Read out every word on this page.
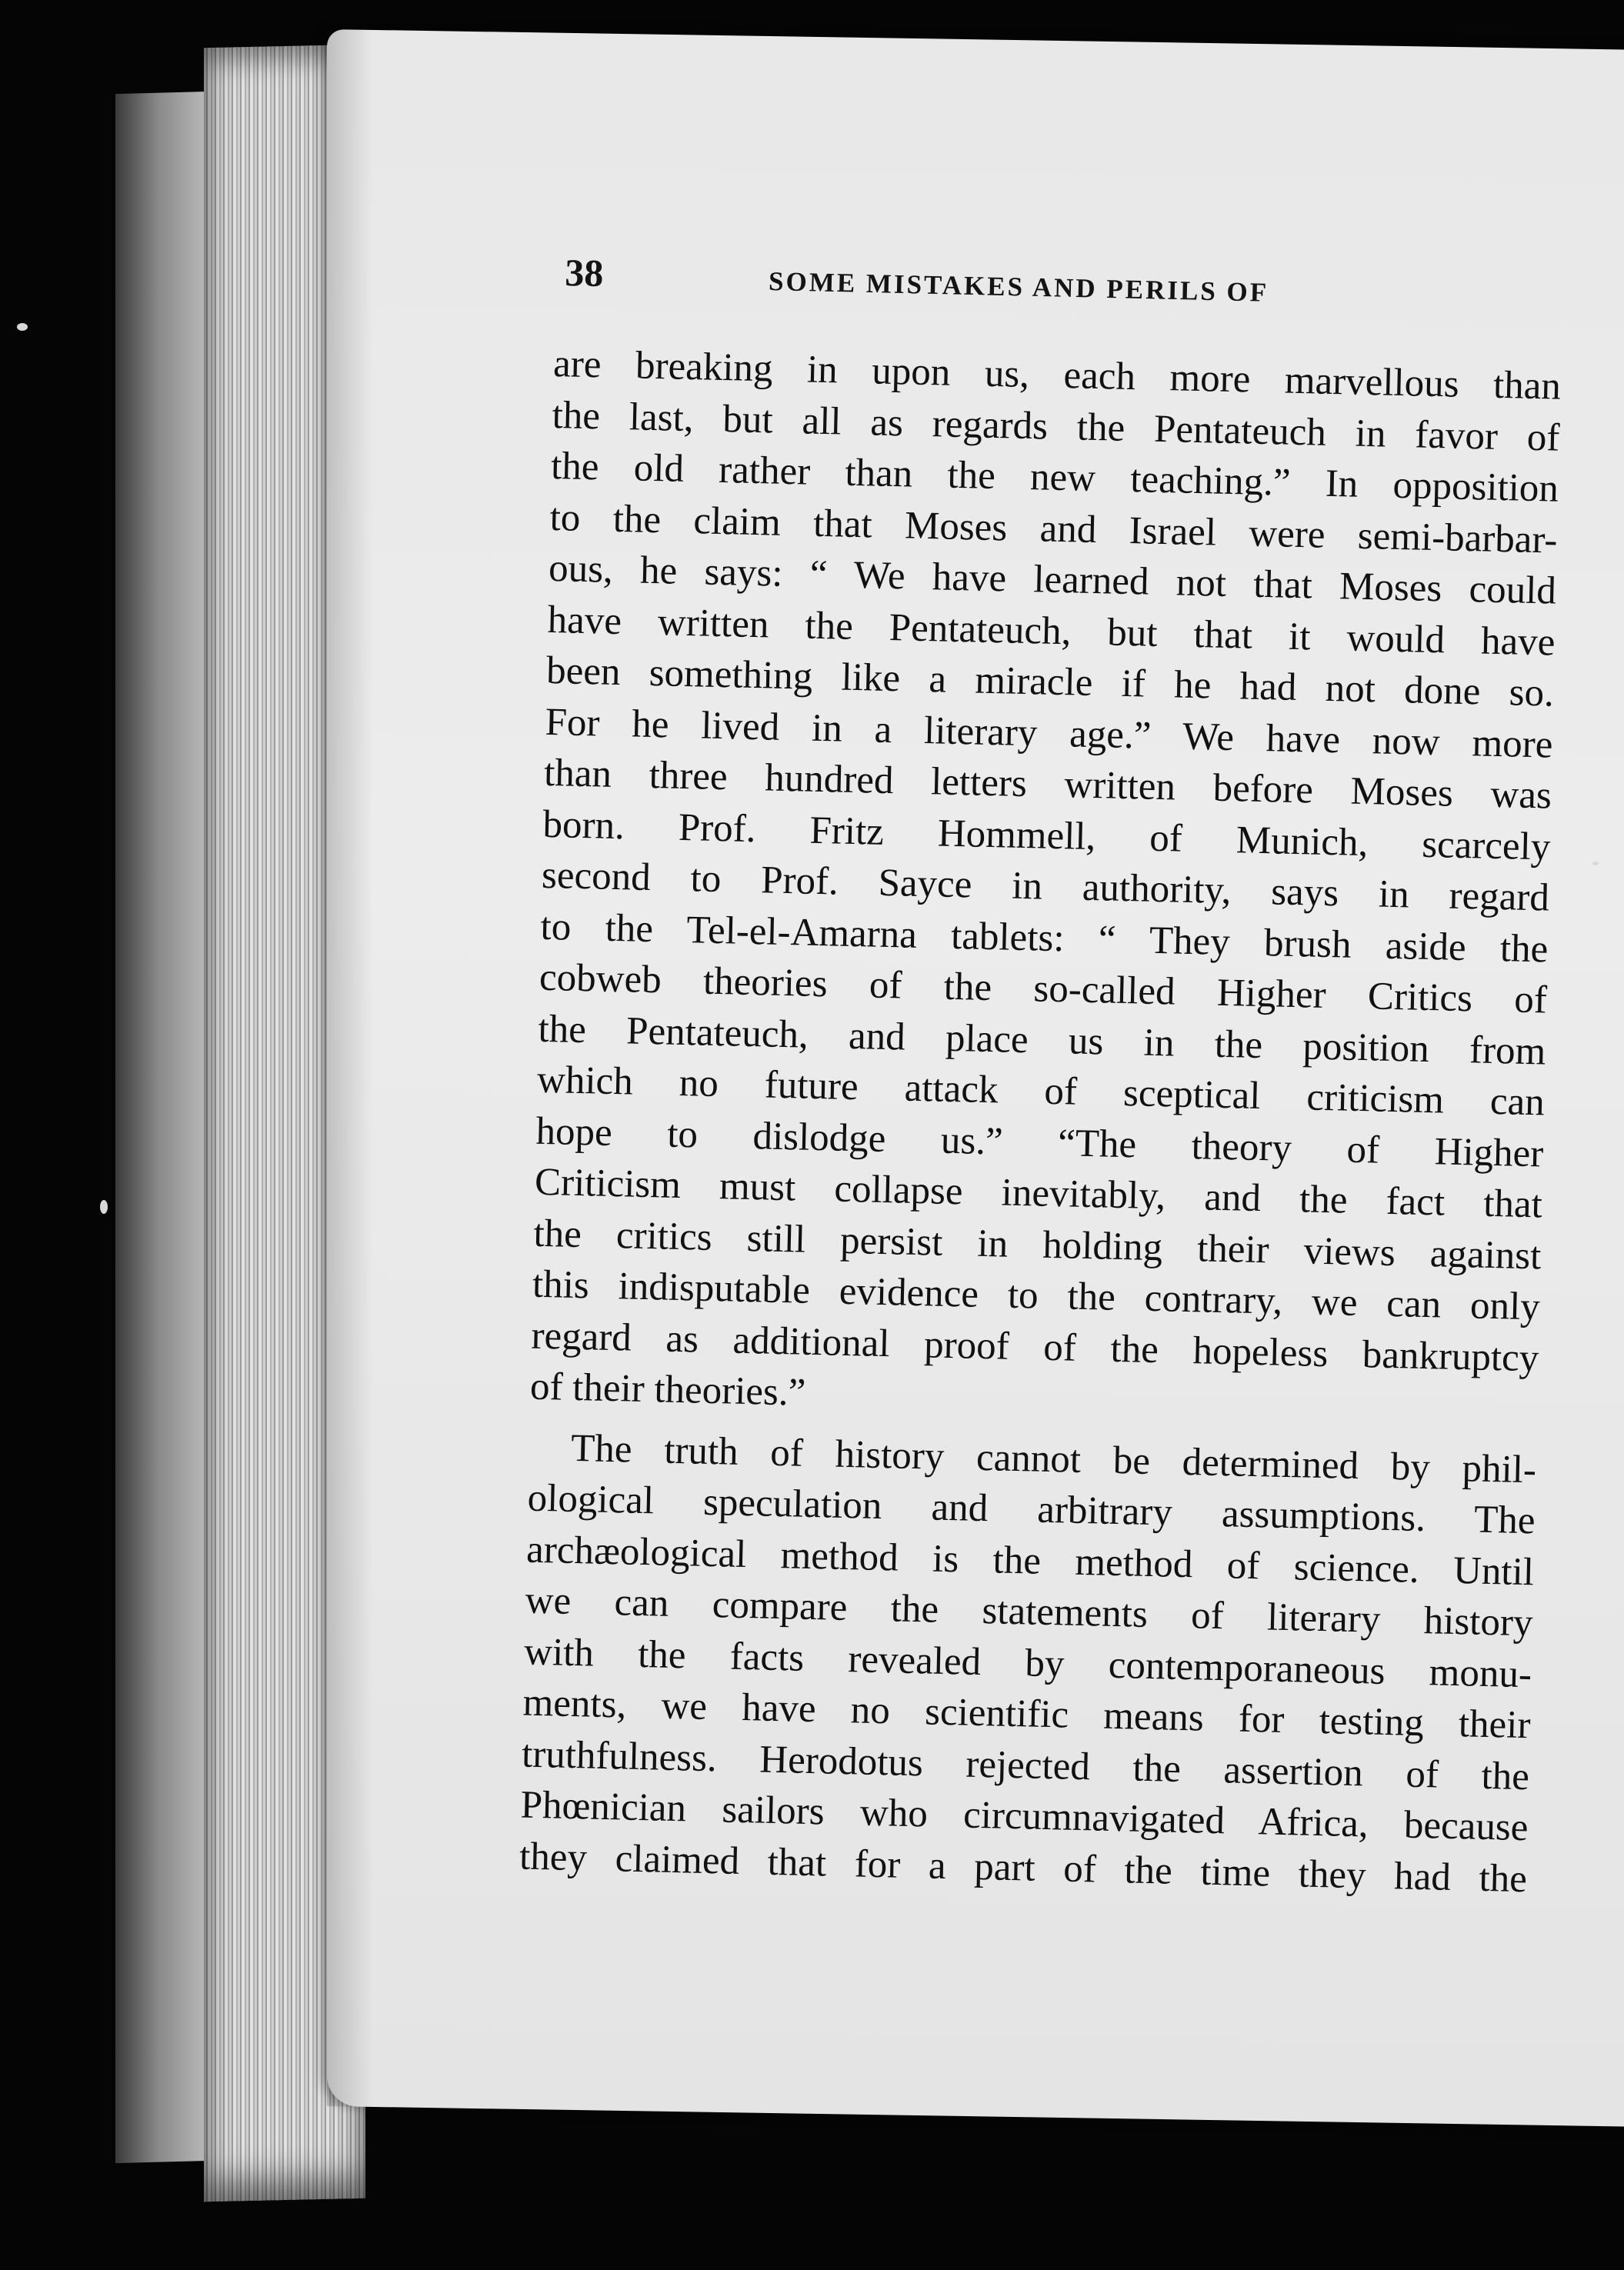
38	SOME MISTAKES AND PERILS OF
are breaking in upon us, each more marvellous than
the last, but all as regards the Pentateuch in favor of
the old rather than the new teaching.” In opposition
to the claim that Moses and Israel were semi-barbar-
ous, he says: “ We have learned not that Moses could
have written the Pentateuch, but that it would have
been something like a miracle if he had not done so.
For he lived in a literary age.” We have now more
than three hundred letters written before Moses was
born. Prof. Fritz Hommell, of Munich, scarcely
second to Prof. Sayce in authority, says in regard
to the Tel-el-Amarna tablets: “ They brush aside the
cobweb theories of the so-called Higher Critics of
the Pentateuch, and place us in the position from
which no future attack of sceptical criticism can
hope to dislodge us.” “The theory of Higher
Criticism must collapse inevitably, and the fact that
the critics still persist in holding their views against
this indisputable evidence to the contrary, we can only
regard as additional proof of the hopeless bankruptcy
of their theories.”
The truth of history cannot be determined by phil-
ological speculation and arbitrary assumptions. The
archæological method is the method of science. Until
we can compare the statements of literary history
with the facts revealed by contemporaneous monu-
ments, we have no scientific means for testing their
truthfulness. Herodotus rejected the assertion of the
Phœnician sailors who circumnavigated Africa, because
they claimed that for a part of the time they had the
